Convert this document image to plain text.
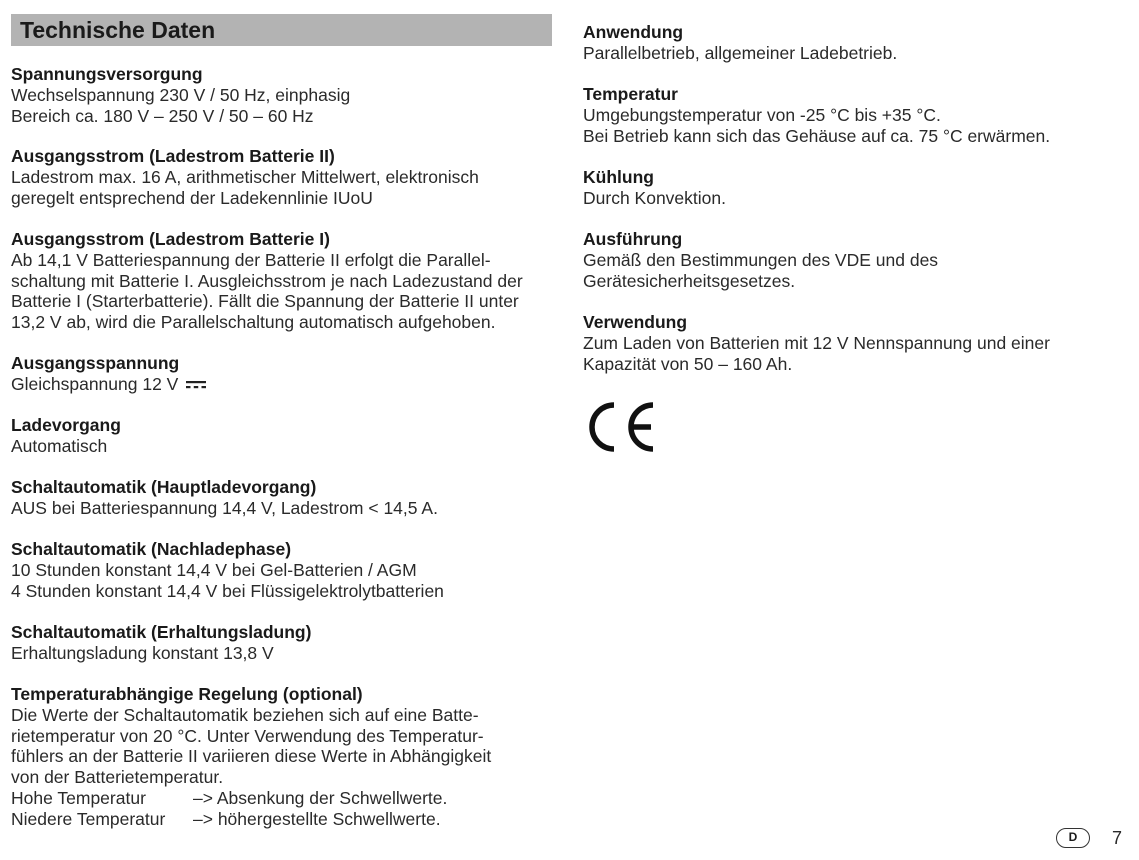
Technische Daten
Spannungsversorgung

Wechselspannung 230 V / 50 Hz, einphasig

Bereich ca. 180 V – 250 V / 50 – 60 Hz

Ausgangsstrom (Ladestrom Batterie II)

Ladestrom max. 16 A, arithmetischer Mittelwert, elektronisch

geregelt entsprechend der Ladekennlinie IUoU

Ausgangsstrom (Ladestrom Batterie I)

Ab 14,1 V Batteriespannung der Batterie II erfolgt die Parallel-

schaltung mit Batterie I. Ausgleichsstrom je nach Ladezustand der

Batterie I (Starterbatterie). Fällt die Spannung der Batterie II unter

13,2 V ab, wird die Parallelschaltung automatisch aufgehoben.

Ausgangsspannung

Gleichspannung 12 V

Ladevorgang

Automatisch

Schaltautomatik (Hauptladevorgang)

AUS bei Batteriespannung 14,4 V, Ladestrom < 14,5 A.

Schaltautomatik (Nachladephase)

10 Stunden konstant 14,4 V bei Gel-Batterien / AGM

4 Stunden konstant 14,4 V bei Flüssigelektrolytbatterien

Schaltautomatik (Erhaltungsladung)

Erhaltungsladung konstant 13,8 V

Temperaturabhängige Regelung (optional)

Die Werte der Schaltautomatik beziehen sich auf eine Batte-

rietemperatur von 20 °C. Unter Verwendung des Temperatur-

fühlers an der Batterie II variieren diese Werte in Abhängigkeit

von der Batterietemperatur.

Hohe Temperatur	–> Absenkung der Schwellwerte.
Niedere Temperatur	–> höhergestellte Schwellwerte.
Anwendung

Parallelbetrieb, allgemeiner Ladebetrieb.

Temperatur

Umgebungstemperatur von -25 °C bis +35 °C.

Bei Betrieb kann sich das Gehäuse auf ca. 75 °C erwärmen.

Kühlung

Durch Konvektion.

Ausführung

Gemäß den Bestimmungen des VDE und des

Gerätesicherheitsgesetzes.

Verwendung

Zum Laden von Batterien mit 12 V Nennspannung und einer

Kapazität von 50 – 160 Ah.

D	7
